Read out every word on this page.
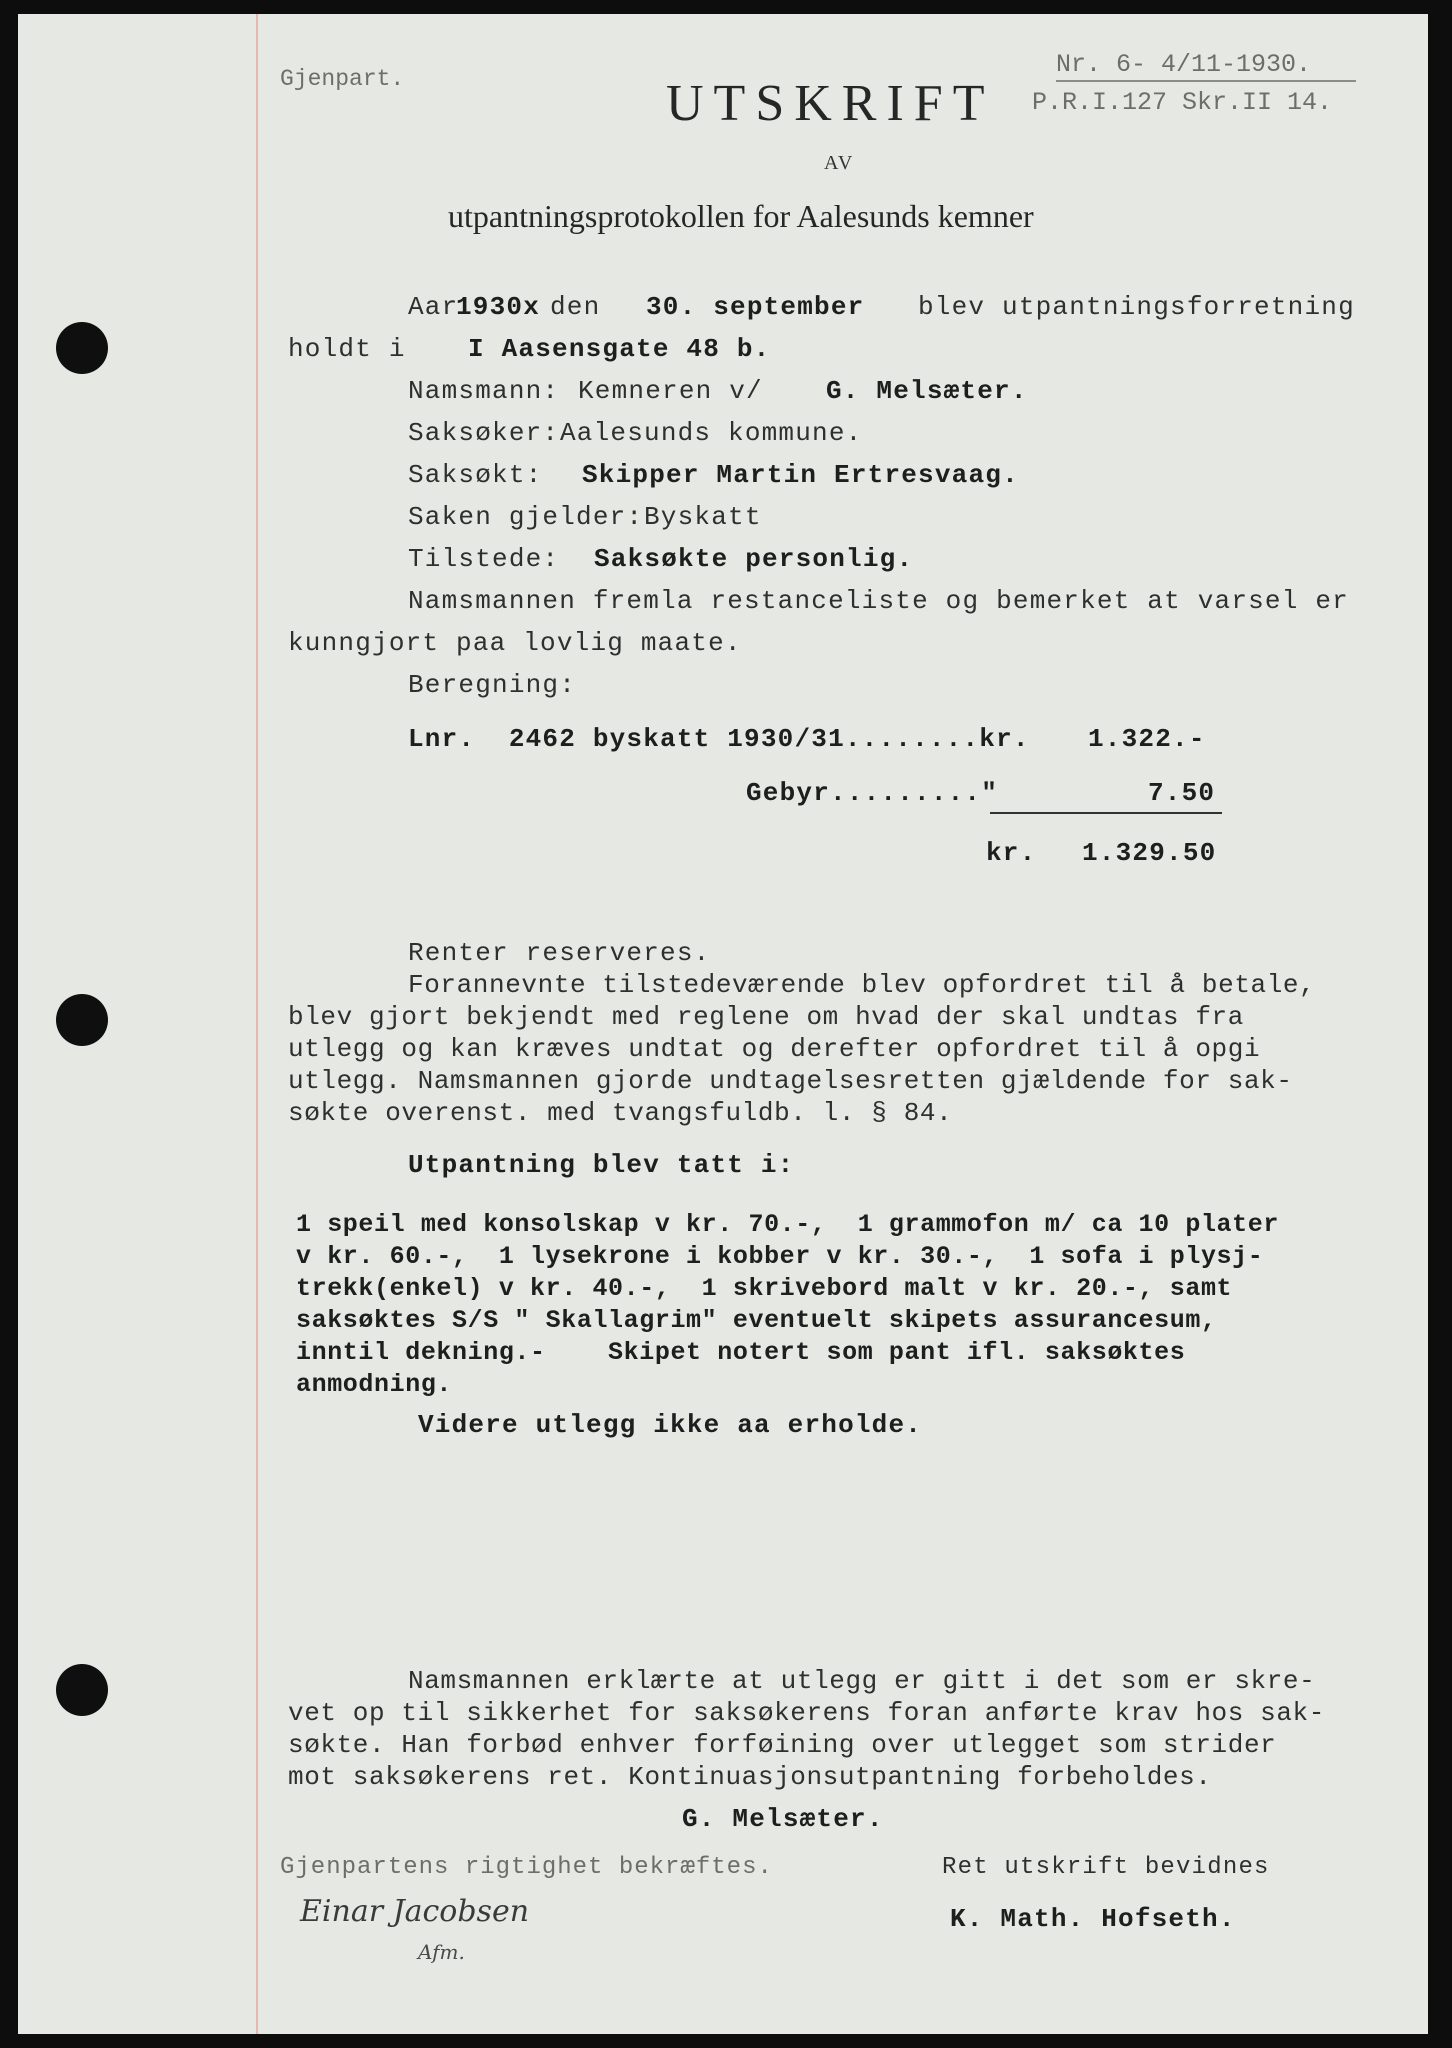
Gjenpart.	UTSKRIFT
AV
utpantningsprotokollen for Aalesunds kemner
Nr. 6- 4/11-1930.
P.R.I.127 Skr.II 14.
Aar
1930x den 30. september blev utpantningsforretning
holdt i I Aasensgate 48 b.
Namsmann: Kemneren v/ G. Melsæter.
Saksøker: Aalesunds kommune.
Saksøkt: Skipper Martin Ertresvaag.
Saken gjelder: Byskatt
Tilstede: Saksøkte personlig.
Namsmannen fremla restanceliste og bemerket at varsel er
kunngjort paa lovlig maate.
Beregning:
Lnr.  2462 byskatt 1930/31........kr. 1.322.-
Gebyr........."	7.50
kr. 1.329.50
Renter reserveres.
Forannevnte tilstedeværende blev opfordret til å betale,
blev gjort bekjendt med reglene om hvad der skal undtas fra
utlegg og kan kræves undtat og derefter opfordret til å opgi
utlegg. Namsmannen gjorde undtagelsesretten gjældende for sak-
søkte overenst. med tvangsfuldb. l. § 84.
Utpantning blev tatt i:
1 speil med konsolskap v kr. 70.-,  1 grammofon m/ ca 10 plater
v kr. 60.-,  1 lysekrone i kobber v kr. 30.-,  1 sofa i plysj-
trekk(enkel) v kr. 40.-,  1 skrivebord malt v kr. 20.-, samt
saksøktes S/S " Skallagrim" eventuelt skipets assurancesum,
inntil dekning.-    Skipet notert som pant ifl. saksøktes
anmodning.
Videre utlegg ikke aa erholde.
Namsmannen erklærte at utlegg er gitt i det som er skre-
vet op til sikkerhet for saksøkerens foran anførte krav hos sak-
søkte. Han forbød enhver forføining over utlegget som strider
mot saksøkerens ret. Kontinuasjonsutpantning forbeholdes.
G. Melsæter.
Gjenpartens rigtighet bekræftes.	Ret utskrift bevidnes
Einar Jacobsen
Afm.
K. Math. Hofseth.
